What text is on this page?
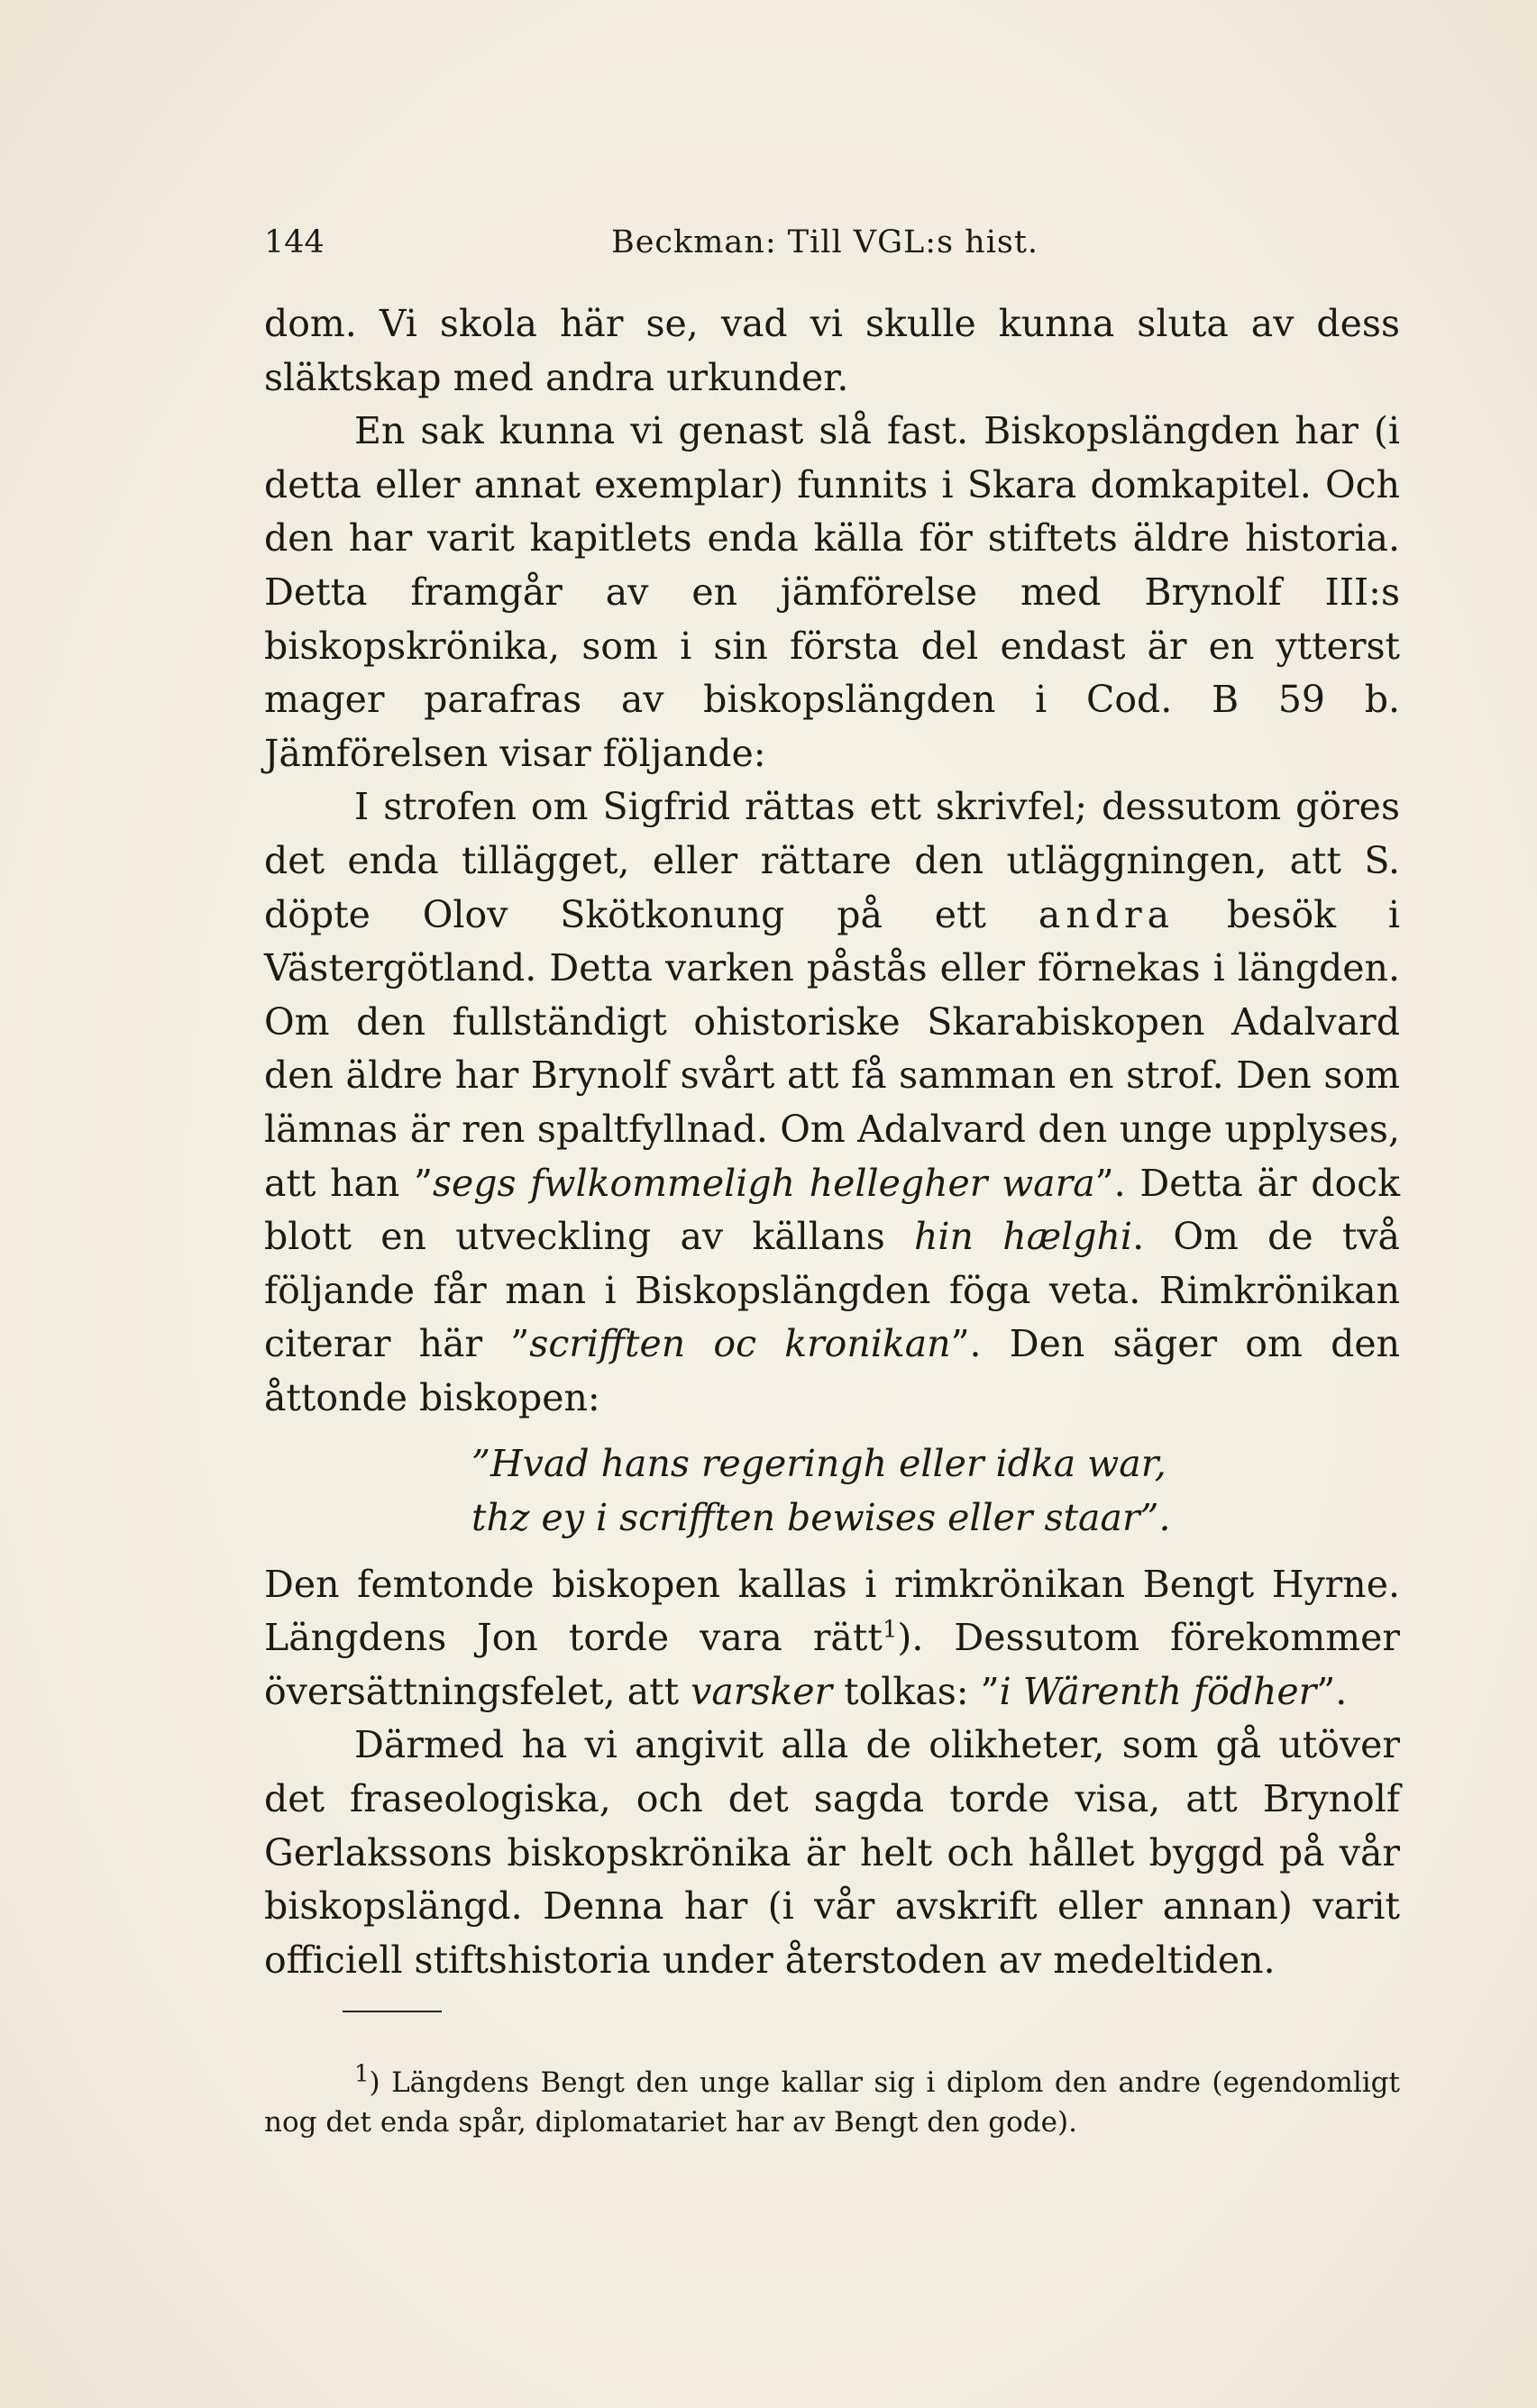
144	Beckman: Till VGL:s hist.

dom. Vi skola här se, vad vi skulle kunna sluta av dess släktskap med andra urkunder.

En sak kunna vi genast slå fast. Biskopslängden har (i detta eller annat exemplar) funnits i Skara domkapitel. Och den har varit kapitlets enda källa för stiftets äldre historia. Detta framgår av en jämförelse med Brynolf III:s biskopskrönika, som i sin första del endast är en ytterst mager parafras av biskopslängden i Cod. B 59 b. Jämförelsen visar följande:

I strofen om Sigfrid rättas ett skrivfel; dessutom göres det enda tillägget, eller rättare den utläggningen, att S. döpte Olov Skötkonung på ett andra besök i Västergötland. Detta varken påstås eller förnekas i längden. Om den fullständigt ohistoriske Skarabiskopen Adalvard den äldre har Brynolf svårt att få samman en strof. Den som lämnas är ren spaltfyllnad. Om Adalvard den unge upplyses, att han ”segs fwlkommeligh hellegher wara”. Detta är dock blott en utveckling av källans hin hælghi. Om de två följande får man i Biskopslängden föga veta. Rimkrönikan citerar här ”scrifften oc kronikan”. Den säger om den åttonde biskopen:

”Hvad hans regeringh eller idka war,
thz ey i scrifften bewises eller staar”.

Den femtonde biskopen kallas i rimkrönikan Bengt Hyrne. Längdens Jon torde vara rätt$^1$). Dessutom förekommer översättningsfelet, att varsker tolkas: ”i Wärenth födher”.

Därmed ha vi angivit alla de olikheter, som gå utöver det fraseologiska, och det sagda torde visa, att Brynolf Gerlakssons biskopskrönika är helt och hållet byggd på vår biskopslängd. Denna har (i vår avskrift eller annan) varit officiell stiftshistoria under återstoden av medeltiden.

$^1$) Längdens Bengt den unge kallar sig i diplom den andre (egendomligt nog det enda spår, diplomatariet har av Bengt den gode).
